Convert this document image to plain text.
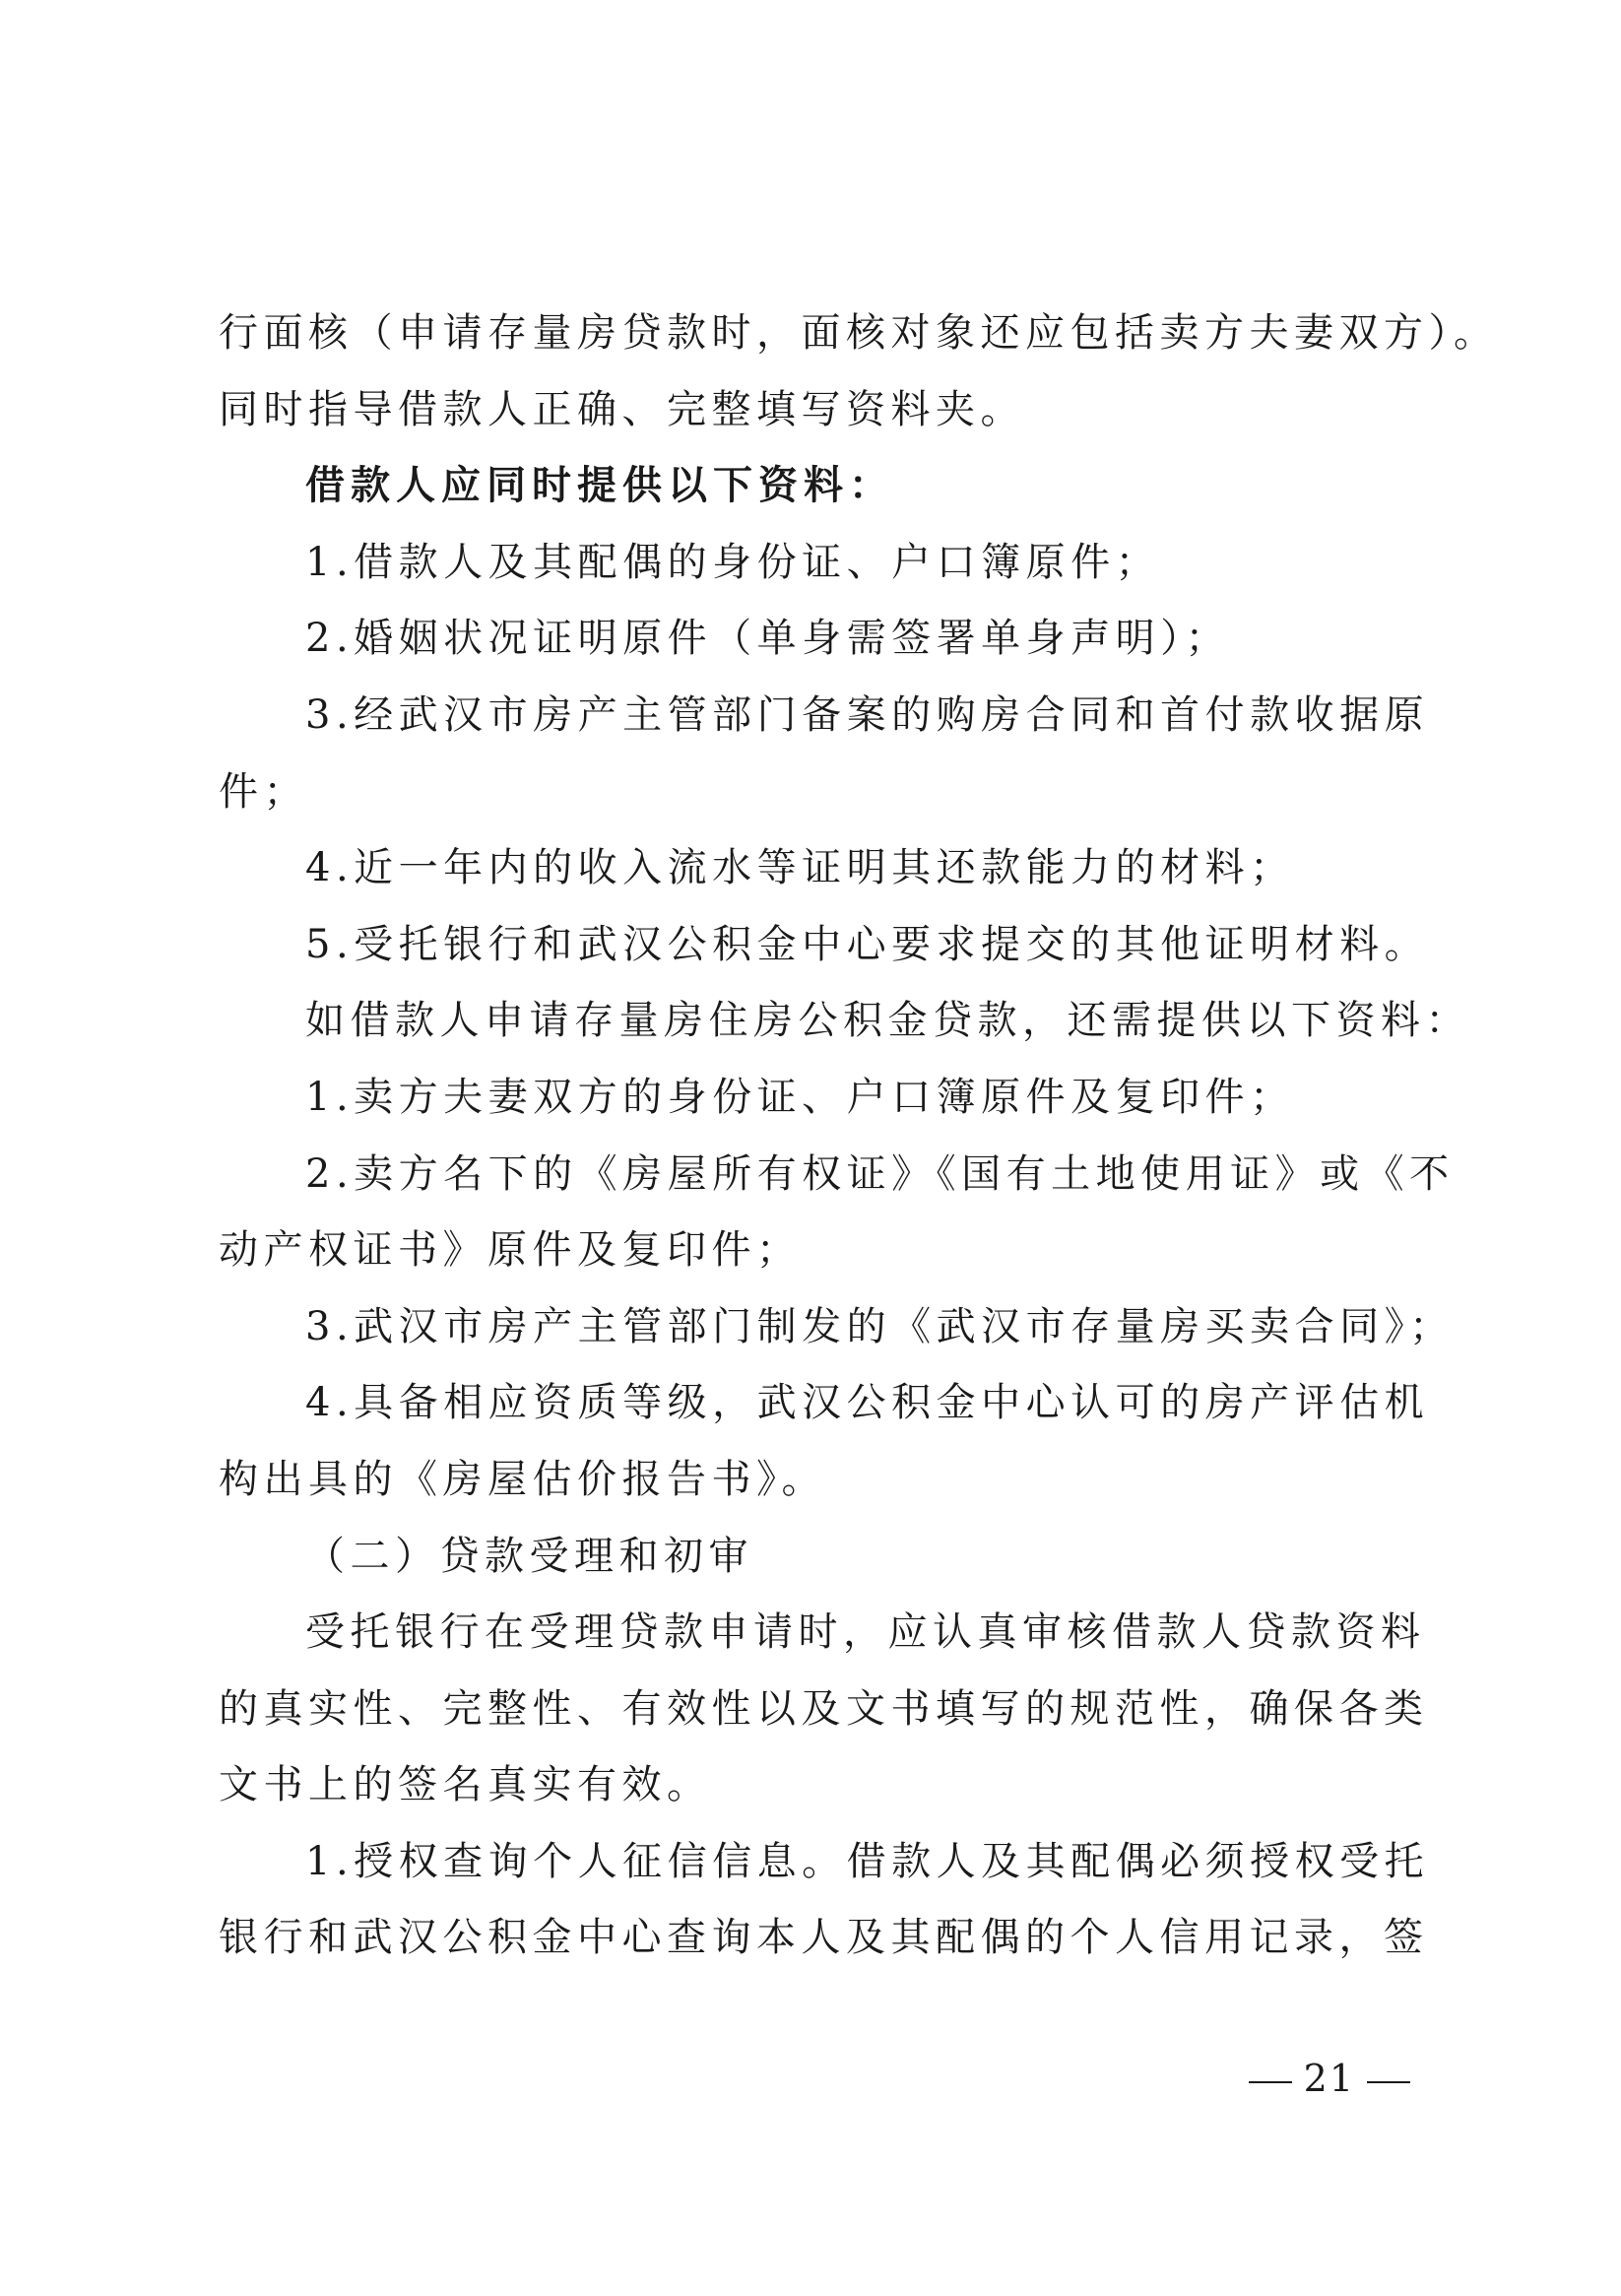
行面核（申请存量房贷款时，面核对象还应包括卖方夫妻双方）。
同时指导借款人正确、完整填写资料夹。
借款人应同时提供以下资料：
1.借款人及其配偶的身份证、户口簿原件；
2.婚姻状况证明原件（单身需签署单身声明）；
3.经武汉市房产主管部门备案的购房合同和首付款收据原
件；
4.近一年内的收入流水等证明其还款能力的材料；
5.受托银行和武汉公积金中心要求提交的其他证明材料。
如借款人申请存量房住房公积金贷款，还需提供以下资料：
1.卖方夫妻双方的身份证、户口簿原件及复印件；
2.卖方名下的《房屋所有权证》《国有土地使用证》或《不
动产权证书》原件及复印件；
3.武汉市房产主管部门制发的《武汉市存量房买卖合同》；
4.具备相应资质等级，武汉公积金中心认可的房产评估机
构出具的《房屋估价报告书》。
（二）贷款受理和初审
受托银行在受理贷款申请时，应认真审核借款人贷款资料
的真实性、完整性、有效性以及文书填写的规范性，确保各类
文书上的签名真实有效。
1.授权查询个人征信信息。借款人及其配偶必须授权受托
银行和武汉公积金中心查询本人及其配偶的个人信用记录，签
21
